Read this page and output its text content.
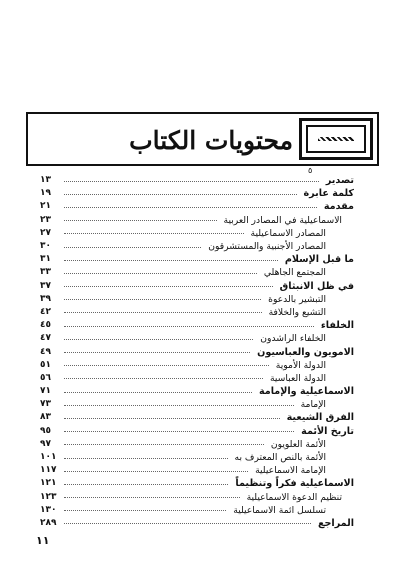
محتويات الكتاب
٥
تصدير
١٣
كلمة عابرة
١٩
مقدمة
٢١
الاسماعيلية في المصادر العربية
٢٣
المصادر الاسماعيلية
٢٧
المصادر الأجنبية والمستشرقون
٣٠
ما قبل الإسلام
٣١
المجتمع الجاهلي
٣٣
في ظل الانبثاق
٣٧
التبشير بالدعوة
٣٩
التشيع والخلافة
٤٢
الخلفاء
٤٥
الخلفاء الراشدون
٤٧
الامويون والعباسيون
٤٩
الدولة الأموية
٥١
الدولة العباسية
٥٦
الاسماعيلية والإمامة
٧١
الإمامة
٧٣
الفرق الشيعية
٨٣
تاريخ الأئمة
٩٥
الأئمة العلويون
٩٧
الأئمة بالنص المعترف به
١٠١
الإمامة الاسماعيلية
١١٧
الاسماعيلية فكراً وتنظيماً
١٢١
تنظيم الدعوة الاسماعيلية
١٢٣
تسلسل ائمة الاسماعيلية
١٣٠
المراجع
٢٨٩
١١
